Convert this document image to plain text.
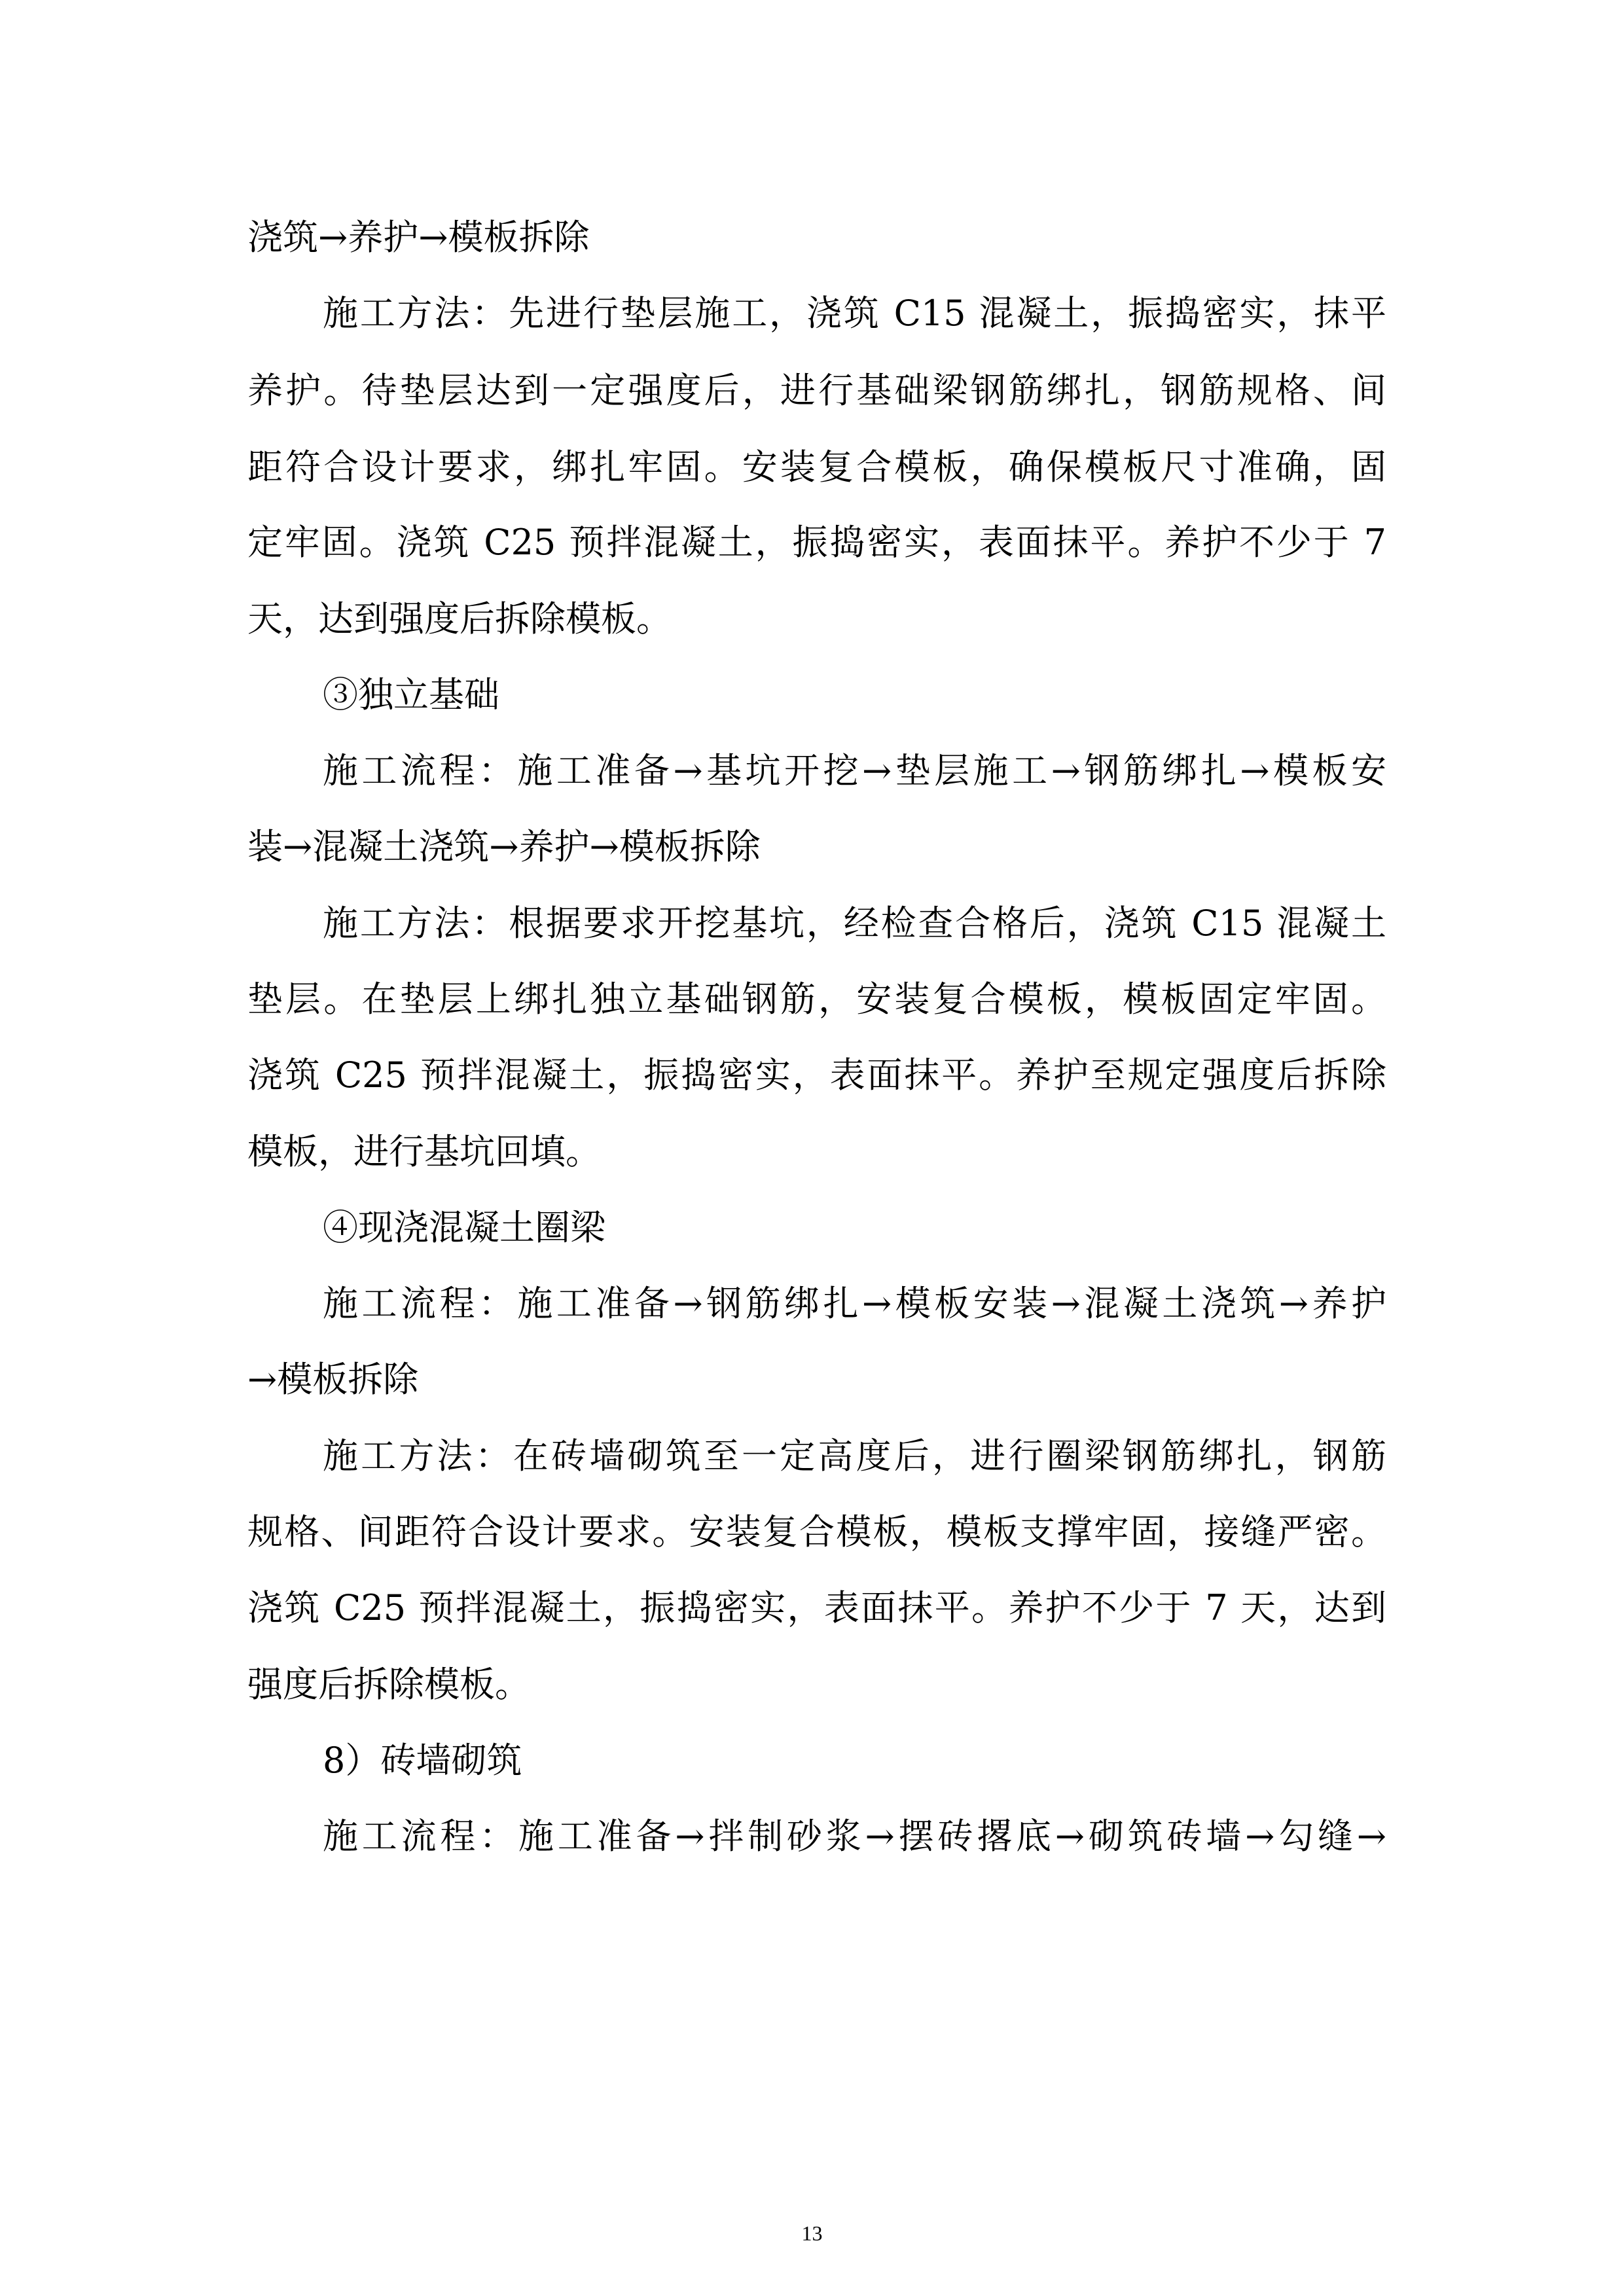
浇筑→养护→模板拆除
施工方法：先进行垫层施工，浇筑 C15 混凝土，振捣密实，抹平
养护。待垫层达到一定强度后，进行基础梁钢筋绑扎，钢筋规格、间
距符合设计要求，绑扎牢固。安装复合模板，确保模板尺寸准确，固
定牢固。浇筑 C25 预拌混凝土，振捣密实，表面抹平。养护不少于 7
天，达到强度后拆除模板。
③独立基础
施工流程：施工准备→基坑开挖→垫层施工→钢筋绑扎→模板安
装→混凝土浇筑→养护→模板拆除
施工方法：根据要求开挖基坑，经检查合格后，浇筑 C15 混凝土
垫层。在垫层上绑扎独立基础钢筋，安装复合模板，模板固定牢固。
浇筑 C25 预拌混凝土，振捣密实，表面抹平。养护至规定强度后拆除
模板，进行基坑回填。
④现浇混凝土圈梁
施工流程：施工准备→钢筋绑扎→模板安装→混凝土浇筑→养护
→模板拆除
施工方法：在砖墙砌筑至一定高度后，进行圈梁钢筋绑扎，钢筋
规格、间距符合设计要求。安装复合模板，模板支撑牢固，接缝严密。
浇筑 C25 预拌混凝土，振捣密实，表面抹平。养护不少于 7 天，达到
强度后拆除模板。
8）砖墙砌筑
施工流程：施工准备→拌制砂浆→摆砖撂底→砌筑砖墙→勾缝→
13
